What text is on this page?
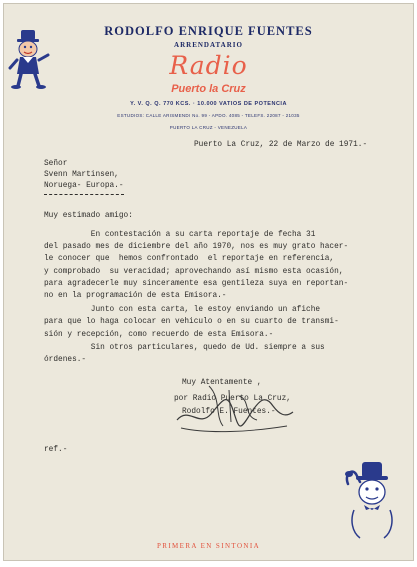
RODOLFO ENRIQUE FUENTES
ARRENDATARIO
Radio
Puerto la Cruz
Y. V. Q. Q. 770 KCS. · 10.000 VATIOS DE POTENCIA
ESTUDIOS: CALLE ARISMENDI No. 99 - APDO. 4085 - TELEFS. 22087 - 21035
PUERTO LA CRUZ - VENEZUELA
Puerto La Cruz, 22 de Marzo de 1971.-
Señor
Svenn Martinsen,
Noruega- Europa.-
Muy estimado amigo:
En contestación a su carta reportaje de fecha 31
del pasado mes de diciembre del año 1970, nos es muy grato hacer-
le conocer que  hemos confrontado  el reportaje en referencia,
y comprobado  su veracidad; aprovechando así mismo esta ocasión,
para agradecerle muy sinceramente esa gentileza suya en reportan-
no en la programación de esta Emisora.-
Junto con esta carta, le estoy enviando un afiche
para que lo haga colocar en vehiculo o en su cuarto de transmi-
sión y recepción, como recuerdo de esta Emisora.-
Sin otros particulares, quedo de Ud. siempre a sus
órdenes.-
Muy Atentamente ,
por Radio Puerto La Cruz,
Rodolfo E. Fuentes.-
ref.-
PRIMERA EN SINTONIA
